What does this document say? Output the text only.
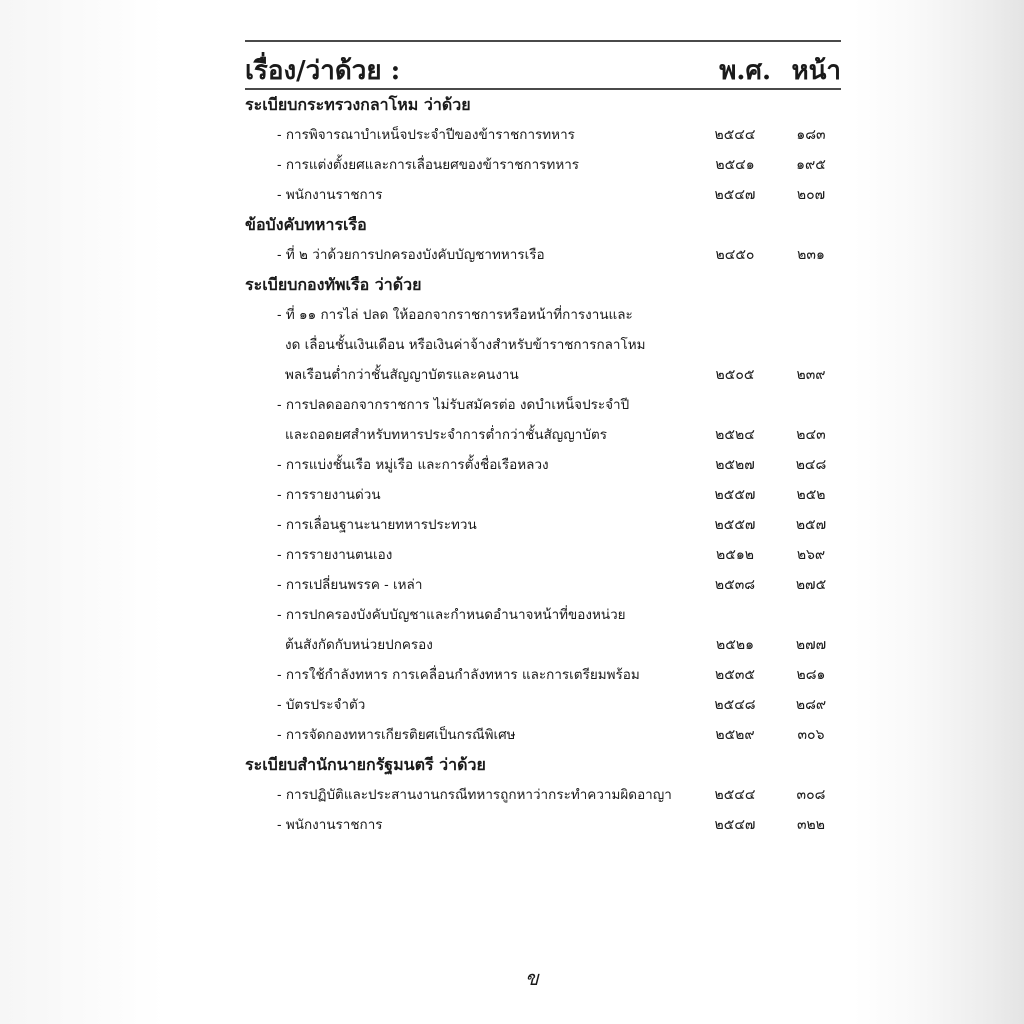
เรื่อง/ว่าด้วย :	พ.ศ. หน้า
ระเบียบกระทรวงกลาโหม ว่าด้วย
- การพิจารณาบำเหน็จประจำปีของข้าราชการทหาร	๒๕๔๔	๑๘๓
- การแต่งตั้งยศและการเลื่อนยศของข้าราชการทหาร	๒๕๔๑	๑๙๕
- พนักงานราชการ	๒๕๔๗	๒๐๗
ข้อบังคับทหารเรือ
- ที่ ๒ ว่าด้วยการปกครองบังคับบัญชาทหารเรือ	๒๔๕๐	๒๓๑
ระเบียบกองทัพเรือ ว่าด้วย
- ที่ ๑๑ การไล่ ปลด ให้ออกจากราชการหรือหน้าที่การงานและ
งด เลื่อนชั้นเงินเดือน หรือเงินค่าจ้างสำหรับข้าราชการกลาโหม
พลเรือนต่ำกว่าชั้นสัญญาบัตรและคนงาน	๒๕๐๕	๒๓๙
- การปลดออกจากราชการ ไม่รับสมัครต่อ งดบำเหน็จประจำปี
และถอดยศสำหรับทหารประจำการต่ำกว่าชั้นสัญญาบัตร	๒๕๒๔	๒๔๓
- การแบ่งชั้นเรือ หมู่เรือ และการตั้งชื่อเรือหลวง	๒๕๒๗	๒๔๘
- การรายงานด่วน	๒๕๕๗	๒๕๒
- การเลื่อนฐานะนายทหารประทวน	๒๕๕๗	๒๕๗
- การรายงานตนเอง	๒๕๑๒	๒๖๙
- การเปลี่ยนพรรค - เหล่า	๒๕๓๘	๒๗๕
- การปกครองบังคับบัญชาและกำหนดอำนาจหน้าที่ของหน่วย
ต้นสังกัดกับหน่วยปกครอง	๒๕๒๑	๒๗๗
- การใช้กำลังทหาร การเคลื่อนกำลังทหาร และการเตรียมพร้อม	๒๕๓๕	๒๘๑
- บัตรประจำตัว	๒๕๔๘	๒๘๙
- การจัดกองทหารเกียรติยศเป็นกรณีพิเศษ	๒๕๒๙	๓๐๖
ระเบียบสำนักนายกรัฐมนตรี ว่าด้วย
- การปฏิบัติและประสานงานกรณีทหารถูกหาว่ากระทำความผิดอาญา	๒๕๔๔	๓๐๘
- พนักงานราชการ	๒๕๔๗	๓๒๒
ข
